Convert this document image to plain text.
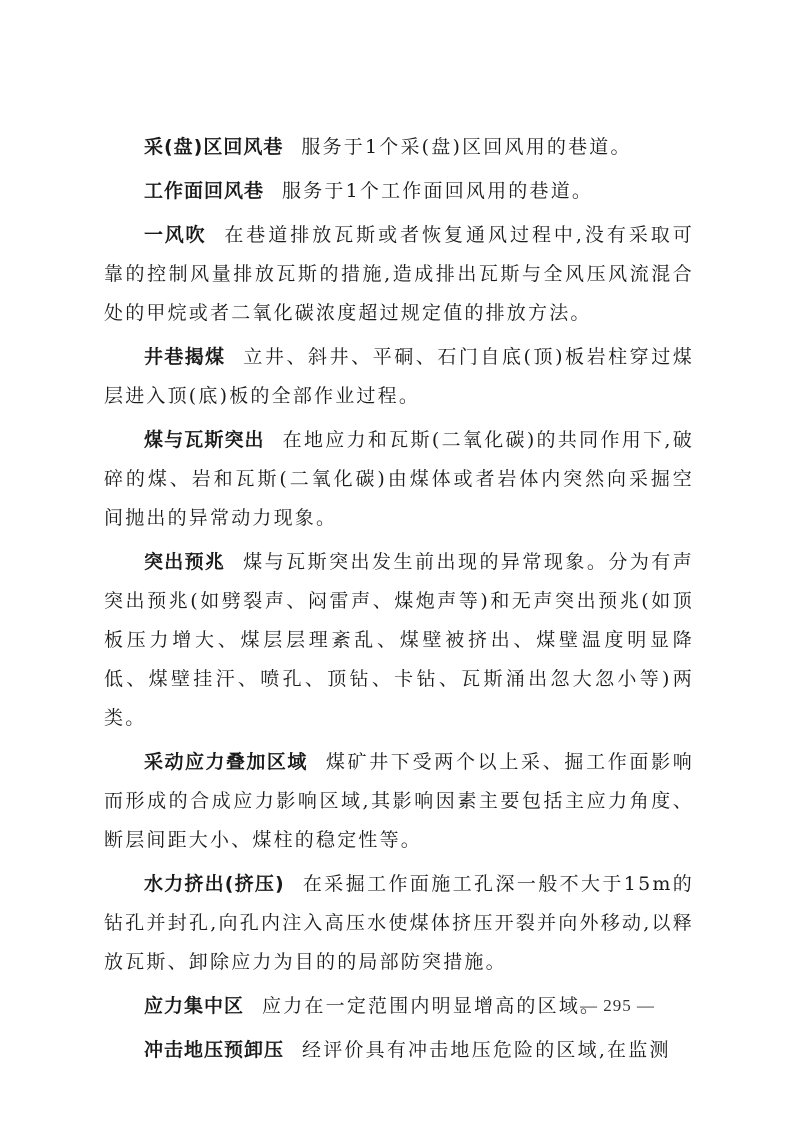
采(盘)区回风巷 服务于1个采(盘)区回风用的巷道。

工作面回风巷 服务于1个工作面回风用的巷道。

一风吹 在巷道排放瓦斯或者恢复通风过程中,没有采取可靠的控制风量排放瓦斯的措施,造成排出瓦斯与全风压风流混合处的甲烷或者二氧化碳浓度超过规定值的排放方法。

井巷揭煤 立井、斜井、平硐、石门自底(顶)板岩柱穿过煤层进入顶(底)板的全部作业过程。

煤与瓦斯突出 在地应力和瓦斯(二氧化碳)的共同作用下,破碎的煤、岩和瓦斯(二氧化碳)由煤体或者岩体内突然向采掘空间抛出的异常动力现象。

突出预兆 煤与瓦斯突出发生前出现的异常现象。分为有声突出预兆(如劈裂声、闷雷声、煤炮声等)和无声突出预兆(如顶板压力增大、煤层层理紊乱、煤壁被挤出、煤壁温度明显降低、煤壁挂汗、喷孔、顶钻、卡钻、瓦斯涌出忽大忽小等)两类。

采动应力叠加区域 煤矿井下受两个以上采、掘工作面影响而形成的合成应力影响区域,其影响因素主要包括主应力角度、断层间距大小、煤柱的稳定性等。

水力挤出(挤压) 在采掘工作面施工孔深一般不大于15m的钻孔并封孔,向孔内注入高压水使煤体挤压开裂并向外移动,以释放瓦斯、卸除应力为目的的局部防突措施。

应力集中区 应力在一定范围内明显增高的区域。

冲击地压预卸压 经评价具有冲击地压危险的区域,在监测

— 295 —
